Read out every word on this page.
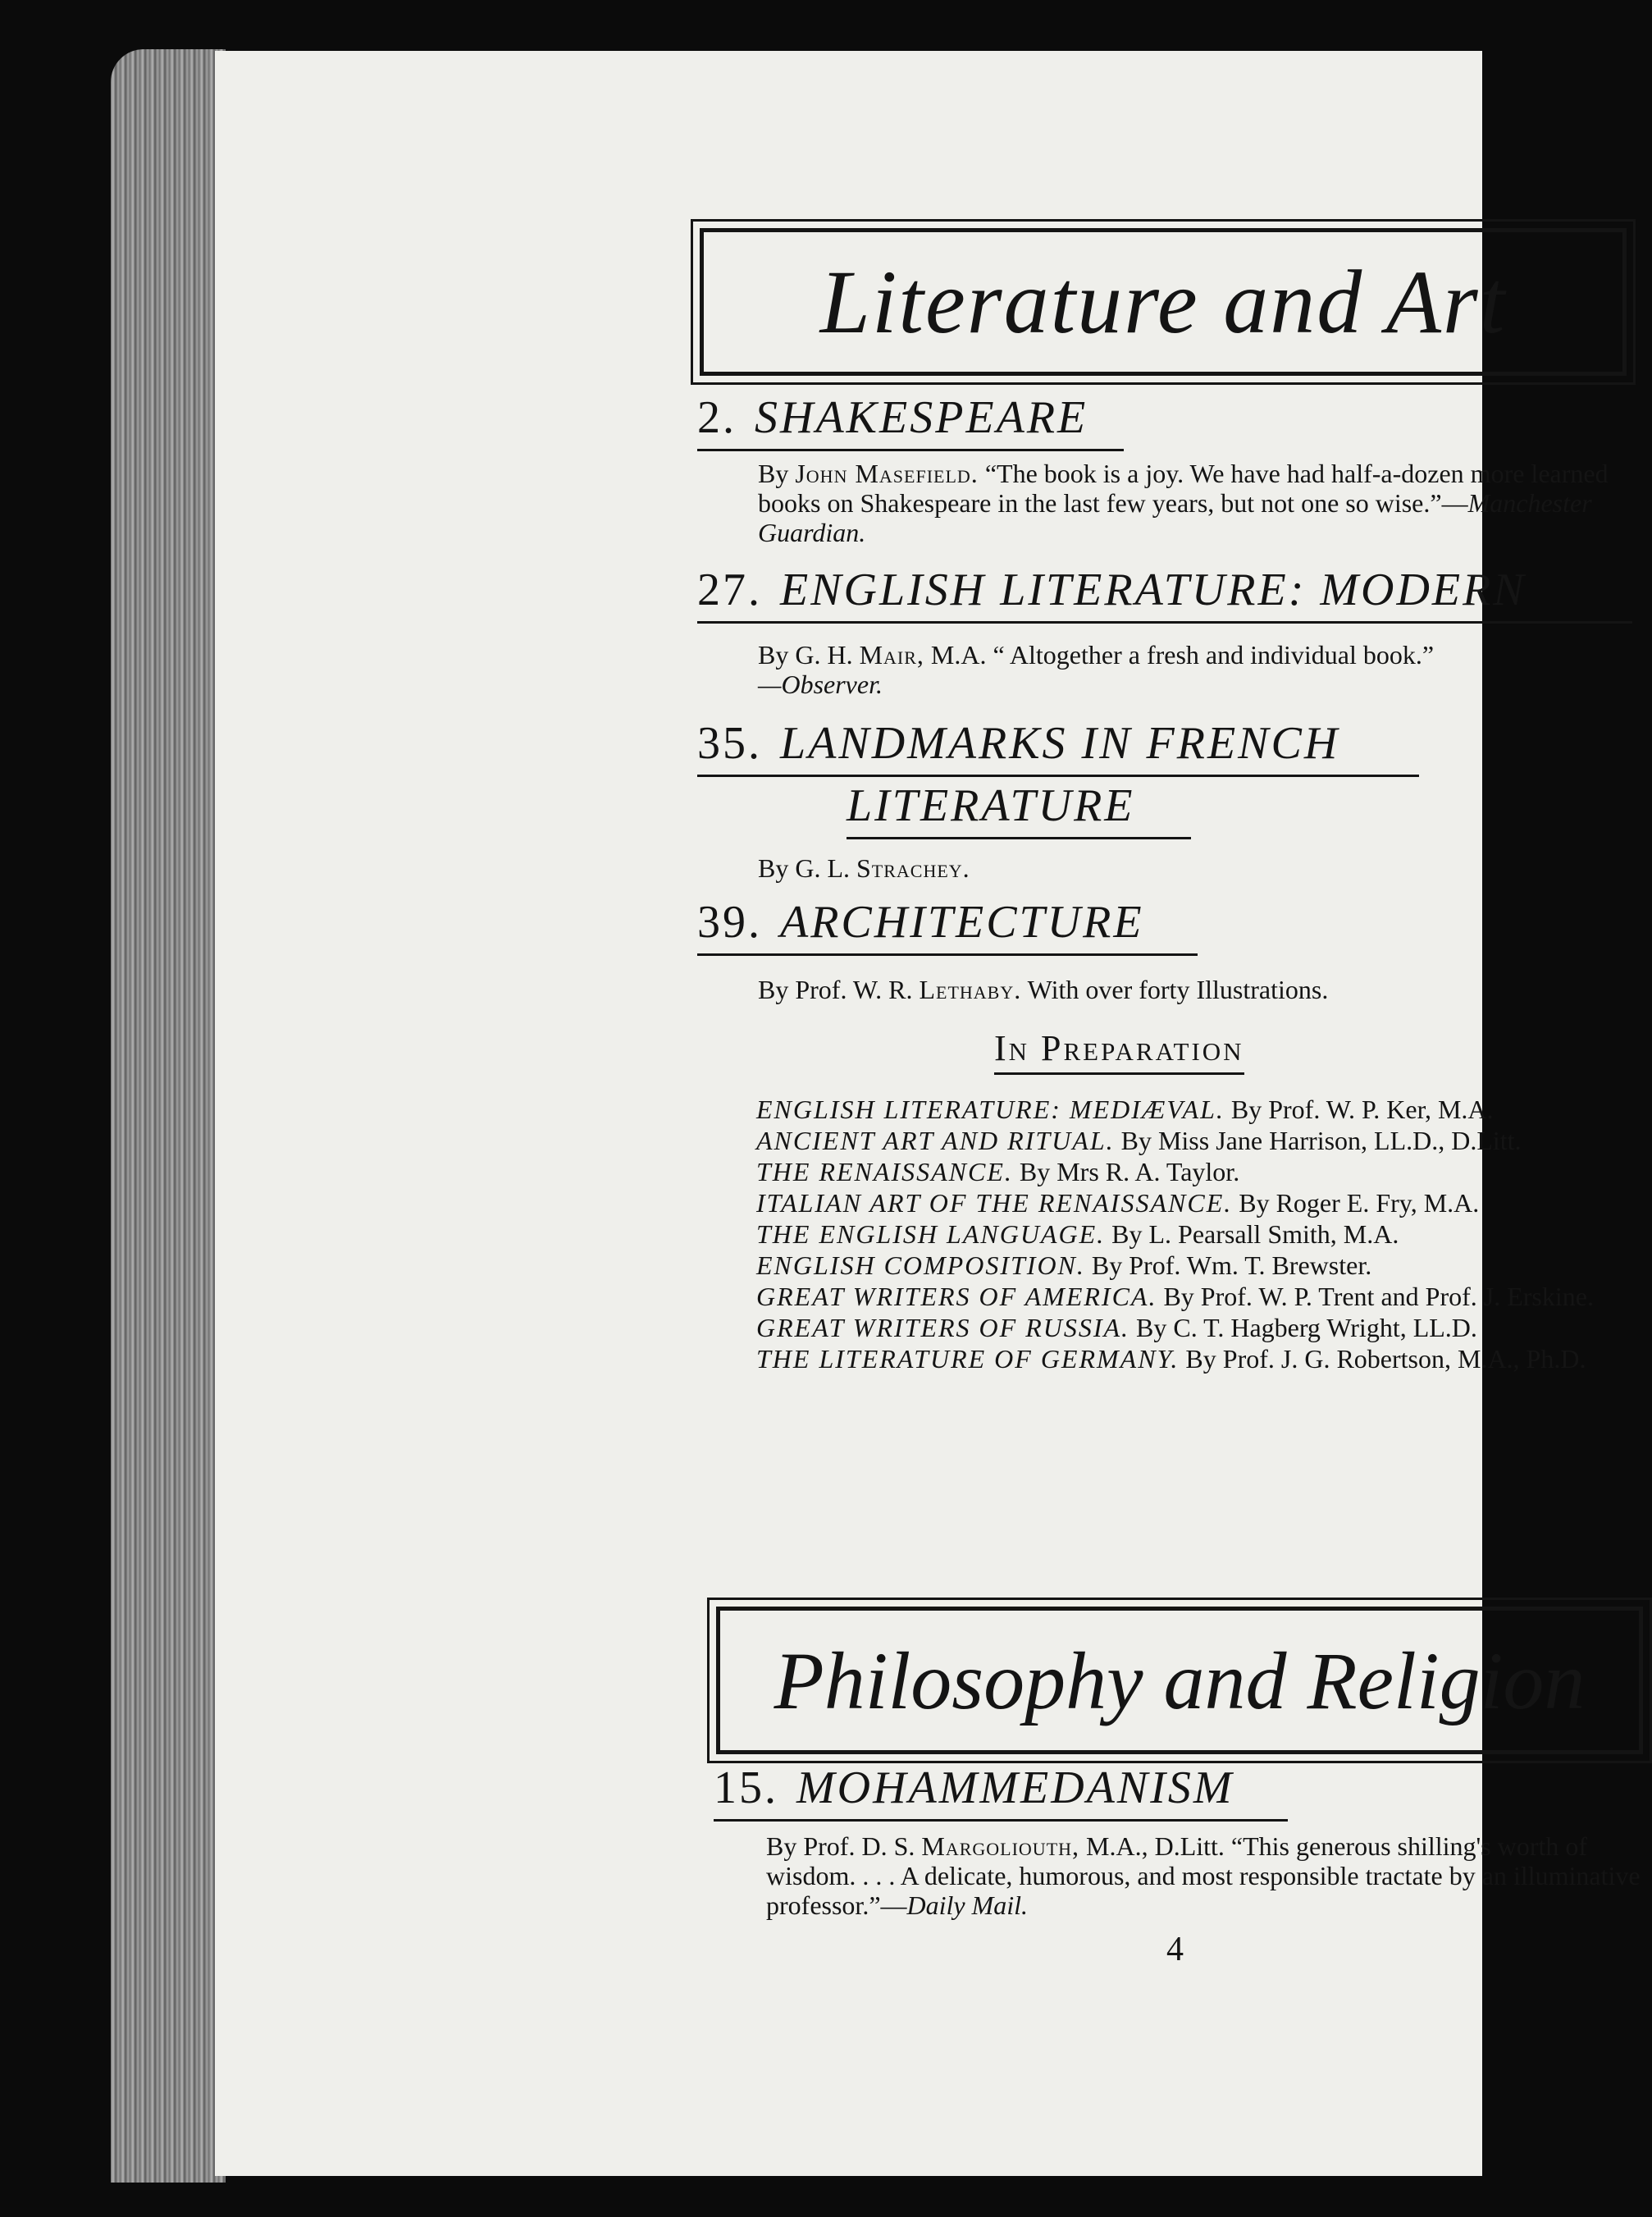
Literature and Art
2. SHAKESPEARE
By John Masefield. “The book is a joy. We have had half-a-dozen more learned books on Shakespeare in the last few years, but not one so wise.”—Manchester Guardian.
27. ENGLISH LITERATURE: MODERN
By G. H. Mair, M.A. “ Altogether a fresh and individual book.”
—Observer.
35. LANDMARKS IN FRENCH
LITERATURE
By G. L. Strachey.
39. ARCHITECTURE
By Prof. W. R. Lethaby. With over forty Illustrations.
In Preparation
ENGLISH LITERATURE: MEDIÆVAL. By Prof. W. P. Ker, M.A.
ANCIENT ART AND RITUAL. By Miss Jane Harrison, LL.D., D.Litt.
THE RENAISSANCE. By Mrs R. A. Taylor.
ITALIAN ART OF THE RENAISSANCE. By Roger E. Fry, M.A.
THE ENGLISH LANGUAGE. By L. Pearsall Smith, M.A.
ENGLISH COMPOSITION. By Prof. Wm. T. Brewster.
GREAT WRITERS OF AMERICA. By Prof. W. P. Trent and Prof. J. Erskine.
GREAT WRITERS OF RUSSIA. By C. T. Hagberg Wright, LL.D.
THE LITERATURE OF GERMANY. By Prof. J. G. Robertson, M.A., Ph.D.
Philosophy and Religion
15. MOHAMMEDANISM
By Prof. D. S. Margoliouth, M.A., D.Litt. “This generous shilling's worth of wisdom. . . . A delicate, humorous, and most responsible tractate by an illuminative professor.”—Daily Mail.
4
